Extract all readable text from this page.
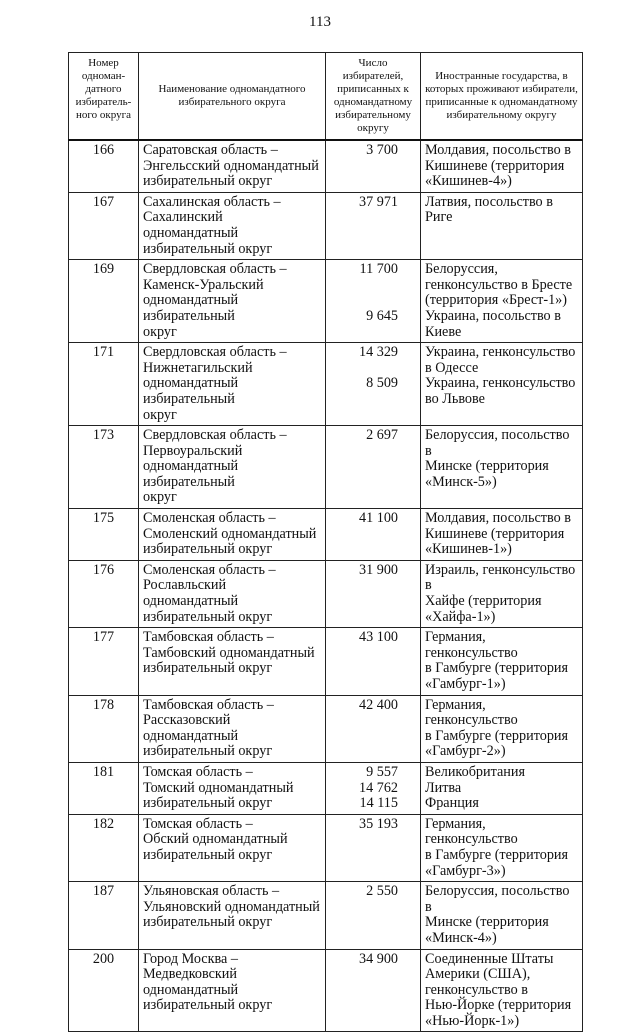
113
Номер одноман-датного избиратель-ного округа	Наименование одномандатного избирательного округа	Число избирателей, приписанных к одномандатному избирательному округу	Иностранные государства, в которых проживают избиратели, приписанные к одномандатному избирательному округу
166	Саратовская область –
Энгельсский одномандатный
избирательный округ	3 700	Молдавия, посольство в
Кишиневе (территория
«Кишинев-4»)

167	Сахалинская область –
Сахалинский одномандатный
избирательный округ	37 971	Латвия, посольство в Риге

169	Свердловская область –
Каменск-Уральский
одномандатный избирательный
округ	11 700
9 645	Белоруссия,
генконсульство в Бресте
(территория «Брест-1»)
Украина, посольство в
Киеве

171	Свердловская область –
Нижнетагильский
одномандатный избирательный
округ	14 329
8 509	Украина, генконсульство
в Одессе
Украина, генконсульство
во Львове

173	Свердловская область –
Первоуральский
одномандатный избирательный
округ	2 697	Белоруссия, посольство в
Минске (территория
«Минск-5»)

175	Смоленская область –
Смоленский одномандатный
избирательный округ	41 100	Молдавия, посольство в
Кишиневе (территория
«Кишинев-1»)

176	Смоленская область –
Рославльский одномандатный
избирательный округ	31 900	Израиль, генконсульство в
Хайфе (территория
«Хайфа-1»)

177	Тамбовская область –
Тамбовский одномандатный
избирательный округ	43 100	Германия, генконсульство
в Гамбурге (территория
«Гамбург-1»)

178	Тамбовская область –
Рассказовский одномандатный
избирательный округ	42 400	Германия, генконсульство
в Гамбурге (территория
«Гамбург-2»)

181	Томская область –
Томский одномандатный
избирательный округ	9 557
14 762
14 115	Великобритания
Литва
Франция

182	Томская область –
Обский одномандатный
избирательный округ	35 193	Германия, генконсульство
в Гамбурге (территория
«Гамбург-3»)

187	Ульяновская область –
Ульяновский одномандатный
избирательный округ	2 550	Белоруссия, посольство в
Минске (территория
«Минск-4»)

200	Город Москва –
Медведковский одномандатный
избирательный округ	34 900	Соединенные Штаты
Америки (США),
генконсульство в
Нью-Йорке (территория
«Нью-Йорк-1»)
